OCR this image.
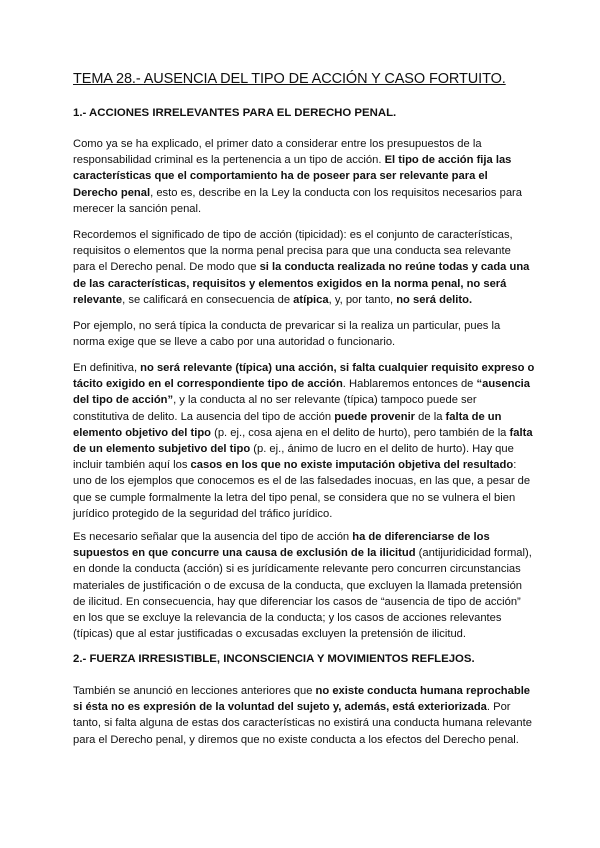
TEMA 28.- AUSENCIA DEL TIPO DE ACCIÓN Y CASO FORTUITO.
1.- ACCIONES IRRELEVANTES PARA EL DERECHO PENAL.

Como ya se ha explicado, el primer dato a considerar entre los presupuestos de la responsabilidad criminal es la pertenencia a un tipo de acción. El tipo de acción fija las características que el comportamiento ha de poseer para ser relevante para el Derecho penal, esto es, describe en la Ley la conducta con los requisitos necesarios para merecer la sanción penal.

Recordemos el significado de tipo de acción (tipicidad): es el conjunto de características, requisitos o elementos que la norma penal precisa para que una conducta sea relevante para el Derecho penal. De modo que si la conducta realizada no reúne todas y cada una de las características, requisitos y elementos exigidos en la norma penal, no será relevante, se calificará en consecuencia de atípica, y, por tanto, no será delito.

Por ejemplo, no será típica la conducta de prevaricar si la realiza un particular, pues la norma exige que se lleve a cabo por una autoridad o funcionario.

En definitiva, no será relevante (típica) una acción, si falta cualquier requisito expreso o tácito exigido en el correspondiente tipo de acción. Hablaremos entonces de “ausencia del tipo de acción”, y la conducta al no ser relevante (típica) tampoco puede ser constitutiva de delito. La ausencia del tipo de acción puede provenir de la falta de un elemento objetivo del tipo (p. ej., cosa ajena en el delito de hurto), pero también de la falta de un elemento subjetivo del tipo (p. ej., ánimo de lucro en el delito de hurto). Hay que incluir también aquí los casos en los que no existe imputación objetiva del resultado: uno de los ejemplos que conocemos es el de las falsedades inocuas, en las que, a pesar de que se cumple formalmente la letra del tipo penal, se considera que no se vulnera el bien jurídico protegido de la seguridad del tráfico jurídico.

Es necesario señalar que la ausencia del tipo de acción ha de diferenciarse de los supuestos en que concurre una causa de exclusión de la ilicitud (antijuridicidad formal), en donde la conducta (acción) si es jurídicamente relevante pero concurren circunstancias materiales de justificación o de excusa de la conducta, que excluyen la llamada pretensión de ilicitud. En consecuencia, hay que diferenciar los casos de “ausencia de tipo de acción” en los que se excluye la relevancia de la conducta; y los casos de acciones relevantes (típicas) que al estar justificadas o excusadas excluyen la pretensión de ilicitud.

2.- FUERZA IRRESISTIBLE, INCONSCIENCIA Y MOVIMIENTOS REFLEJOS.

También se anunció en lecciones anteriores que no existe conducta humana reprochable si ésta no es expresión de la voluntad del sujeto y, además, está exteriorizada. Por tanto, si falta alguna de estas dos características no existirá una conducta humana relevante para el Derecho penal, y diremos que no existe conducta a los efectos del Derecho penal.
